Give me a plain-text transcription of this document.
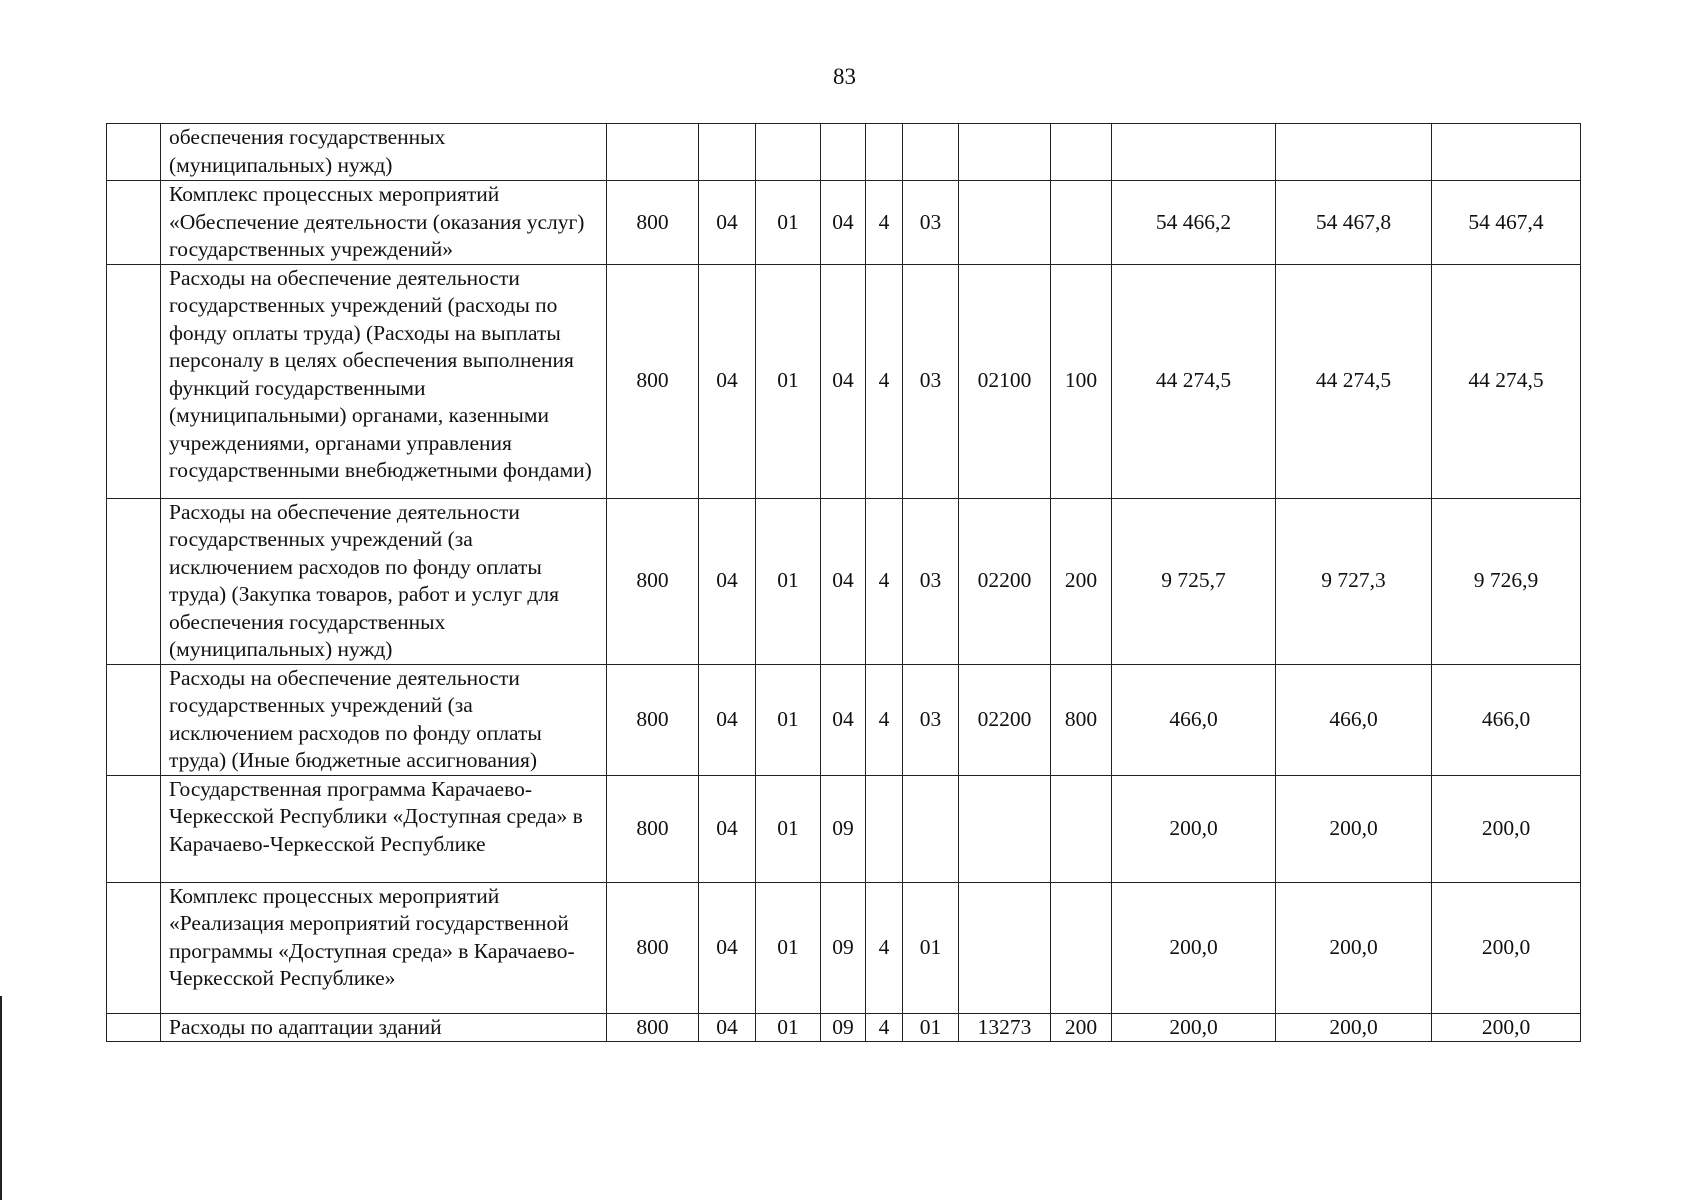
83
	обеспечения государственных (муниципальных) нужд)											
	Комплекс процессных мероприятий «Обеспечение деятельности (оказания услуг) государственных учреждений»	800	04	01	04	4	03			54 466,2	54 467,8	54 467,4
	Расходы на обеспечение деятельности государственных учреждений (расходы по фонду оплаты труда) (Расходы на выплаты персоналу в целях обеспечения выполнения функций государственными (муниципальными) органами, казенными учреждениями, органами управления государственными внебюджетными фондами)	800	04	01	04	4	03	02100	100	44 274,5	44 274,5	44 274,5
	Расходы на обеспечение деятельности государственных учреждений (за исключением расходов по фонду оплаты труда) (Закупка товаров, работ и услуг для обеспечения государственных (муниципальных) нужд)	800	04	01	04	4	03	02200	200	9 725,7	9 727,3	9 726,9
	Расходы на обеспечение деятельности государственных учреждений (за исключением расходов по фонду оплаты труда) (Иные бюджетные ассигнования)	800	04	01	04	4	03	02200	800	466,0	466,0	466,0
	Государственная программа Карачаево-Черкесской Республики «Доступная среда» в Карачаево-Черкесской Республике	800	04	01	09					200,0	200,0	200,0
	Комплекс процессных мероприятий «Реализация мероприятий государственной программы «Доступная среда» в Карачаево-Черкесской Республике»	800	04	01	09	4	01			200,0	200,0	200,0
	Расходы по адаптации зданий	800	04	01	09	4	01	13273	200	200,0	200,0	200,0
